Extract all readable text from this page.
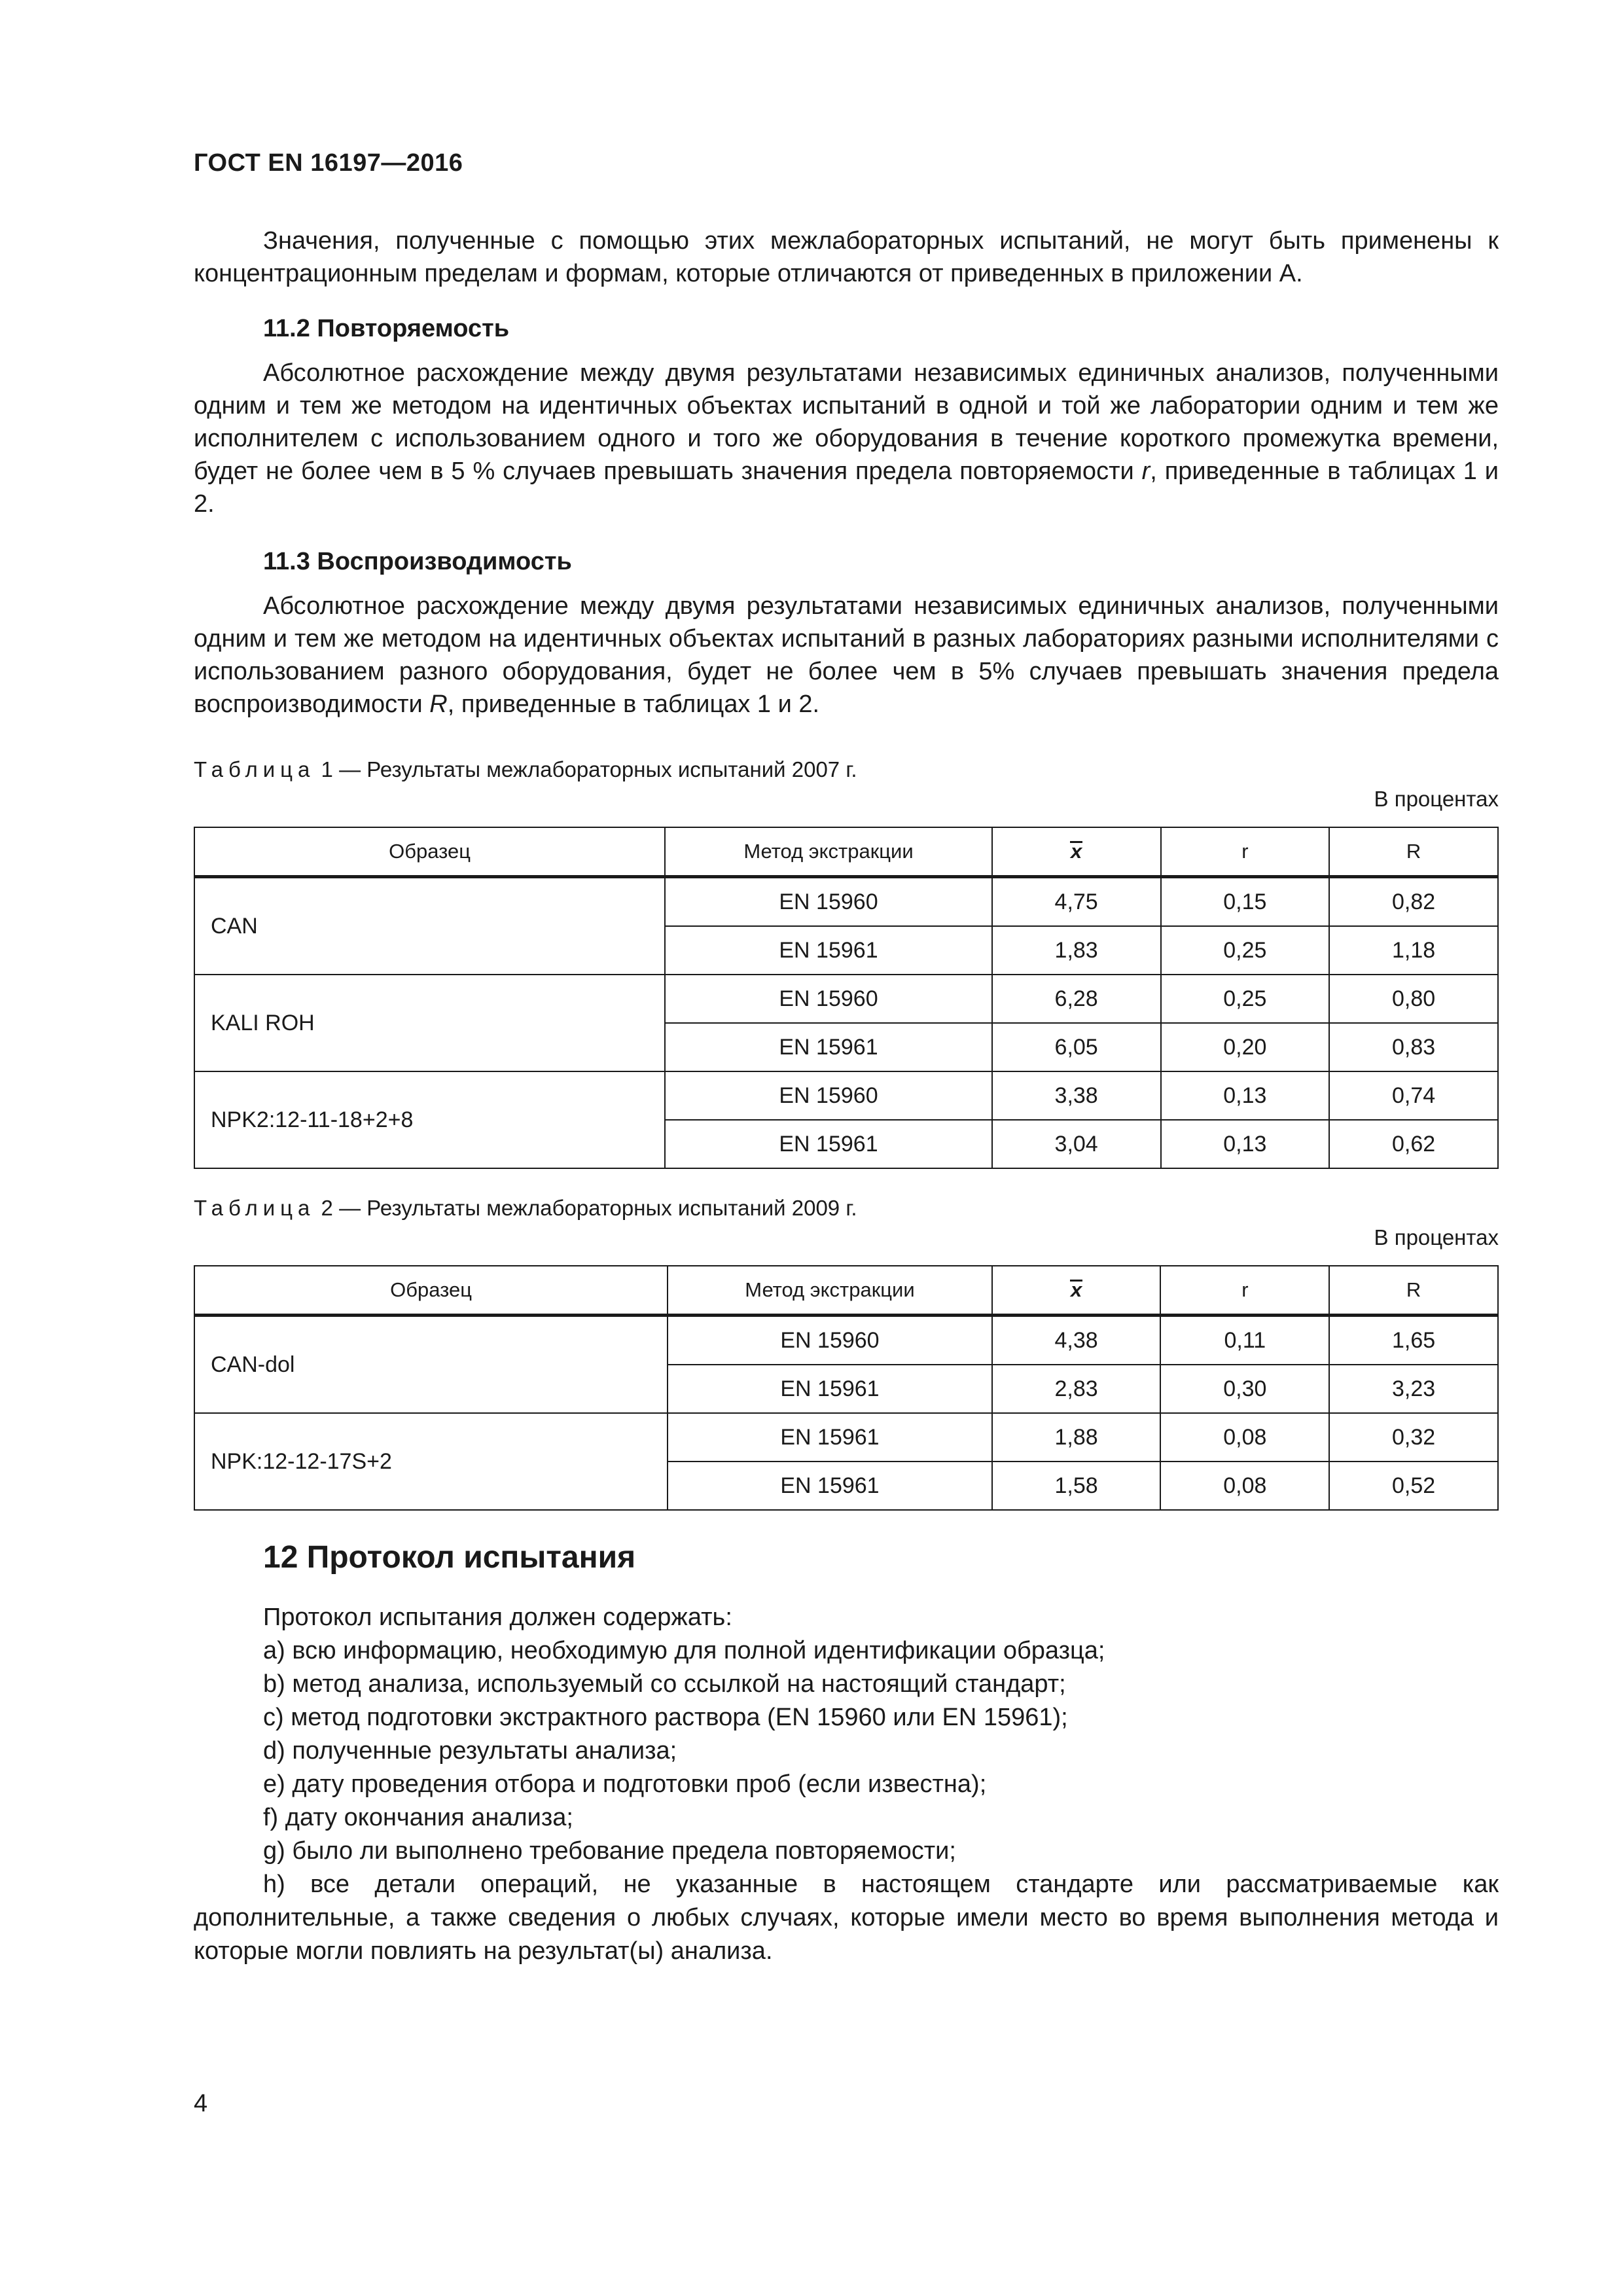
ГОСТ EN 16197—2016
Значения, полученные с помощью этих межлабораторных испытаний, не могут быть применены к концентрационным пределам и формам, которые отличаются от приведенных в приложении А.
11.2 Повторяемость
Абсолютное расхождение между двумя результатами независимых единичных анализов, полученными одним и тем же методом на идентичных объектах испытаний в одной и той же лаборатории одним и тем же исполнителем с использованием одного и того же оборудования в течение короткого промежутка времени, будет не более чем в 5 % случаев превышать значения предела повторяемости r, приведенные в таблицах 1 и 2.
11.3 Воспроизводимость
Абсолютное расхождение между двумя результатами независимых единичных анализов, полученными одним и тем же методом на идентичных объектах испытаний в разных лабораториях разными исполнителями с использованием разного оборудования, будет не более чем в 5% случаев превышать значения предела воспроизводимости R, приведенные в таблицах 1 и 2.
Таблица 1 — Результаты межлабораторных испытаний 2007 г.
В процентах
Образец	Метод экстракции	x	r	R
CAN	EN 15960	4,75	0,15	0,82
	EN 15961	1,83	0,25	1,18
KALI ROH	EN 15960	6,28	0,25	0,80
	EN 15961	6,05	0,20	0,83
NPK2:12-11-18+2+8	EN 15960	3,38	0,13	0,74
	EN 15961	3,04	0,13	0,62
Таблица 2 — Результаты межлабораторных испытаний 2009 г.
В процентах
Образец	Метод экстракции	x	r	R
CAN-dol	EN 15960	4,38	0,11	1,65
	EN 15961	2,83	0,30	3,23
NPK:12-12-17S+2	EN 15961	1,88	0,08	0,32
	EN 15961	1,58	0,08	0,52
12 Протокол испытания
Протокол испытания должен содержать:
a) всю информацию, необходимую для полной идентификации образца;
b) метод анализа, используемый со ссылкой на настоящий стандарт;
c) метод подготовки экстрактного раствора (EN 15960 или EN 15961);
d) полученные результаты анализа;
e) дату проведения отбора и подготовки проб (если известна);
f) дату окончания анализа;
g) было ли выполнено требование предела повторяемости;
h) все детали операций, не указанные в настоящем стандарте или рассматриваемые как дополнительные, а также сведения о любых случаях, которые имели место во время выполнения метода и которые могли повлиять на результат(ы) анализа.
4
